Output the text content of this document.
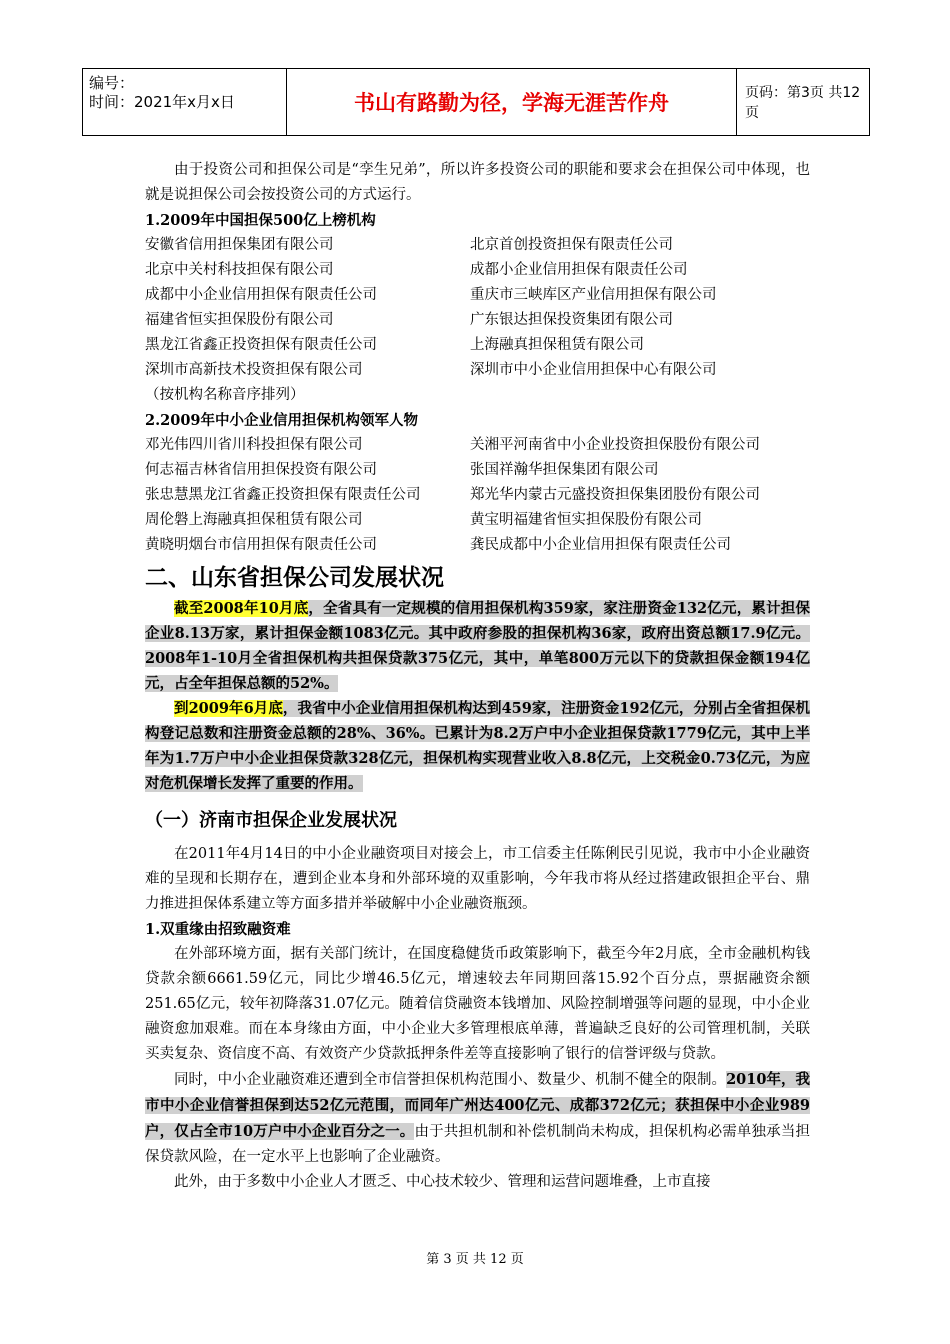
编号：
时间：2021年x月x日	书山有路勤为径，学海无涯苦作舟	页码：第3页 共12页

由于投资公司和担保公司是“孪生兄弟”，所以许多投资公司的职能和要求会在担保公司中体现，也就是说担保公司会按投资公司的方式运行。

1.2009年中国担保500亿上榜机构

安徽省信用担保集团有限公司	北京首创投资担保有限责任公司
北京中关村科技担保有限公司	成都小企业信用担保有限责任公司
成都中小企业信用担保有限责任公司	重庆市三峡库区产业信用担保有限公司
福建省恒实担保股份有限公司	广东银达担保投资集团有限公司
黑龙江省鑫正投资担保有限责任公司	上海融真担保租赁有限公司
深圳市高新技术投资担保有限公司	深圳市中小企业信用担保中心有限公司

（按机构名称音序排列）

2.2009年中小企业信用担保机构领军人物

邓光伟四川省川科投担保有限公司	关湘平河南省中小企业投资担保股份有限公司
何志福吉林省信用担保投资有限公司	张国祥瀚华担保集团有限公司
张忠慧黑龙江省鑫正投资担保有限责任公司	郑光华内蒙古元盛投资担保集团股份有限公司
周伦磐上海融真担保租赁有限公司	黄宝明福建省恒实担保股份有限公司
黄晓明烟台市信用担保有限责任公司	龚民成都中小企业信用担保有限责任公司
二、山东省担保公司发展状况

截至2008年10月底，全省具有一定规模的信用担保机构359家，家注册资金132亿元，累计担保企业8.13万家，累计担保金额1083亿元。其中政府参股的担保机构36家，政府出资总额17.9亿元。2008年1-10月全省担保机构共担保贷款375亿元，其中，单笔800万元以下的贷款担保金额194亿元，占全年担保总额的52%。

到2009年6月底，我省中小企业信用担保机构达到459家，注册资金192亿元，分别占全省担保机构登记总数和注册资金总额的28%、36%。已累计为8.2万户中小企业担保贷款1779亿元，其中上半年为1.7万户中小企业担保贷款328亿元，担保机构实现营业收入8.8亿元，上交税金0.73亿元，为应对危机保增长发挥了重要的作用。

（一）济南市担保企业发展状况

在2011年4月14日的中小企业融资项目对接会上，市工信委主任陈俐民引见说，我市中小企业融资难的呈现和长期存在，遭到企业本身和外部环境的双重影响，今年我市将从经过搭建政银担企平台、鼎力推进担保体系建立等方面多措并举破解中小企业融资瓶颈。

1.双重缘由招致融资难

在外部环境方面，据有关部门统计，在国度稳健货币政策影响下，截至今年2月底，全市金融机构钱贷款余额6661.59亿元，同比少增46.5亿元，增速较去年同期回落15.92个百分点，票据融资余额251.65亿元，较年初降落31.07亿元。随着信贷融资本钱增加、风险控制增强等问题的显现，中小企业融资愈加艰难。而在本身缘由方面，中小企业大多管理根底单薄，普遍缺乏良好的公司管理机制，关联买卖复杂、资信度不高、有效资产少贷款抵押条件差等直接影响了银行的信誉评级与贷款。

同时，中小企业融资难还遭到全市信誉担保机构范围小、数量少、机制不健全的限制。2010年，我市中小企业信誉担保到达52亿元范围，而同年广州达400亿元、成都372亿元；获担保中小企业989户，仅占全市10万户中小企业百分之一。由于共担机制和补偿机制尚未构成，担保机构必需单独承当担保贷款风险，在一定水平上也影响了企业融资。

此外，由于多数中小企业人才匮乏、中心技术较少、管理和运营问题堆叠，上市直接

第 3 页 共 12 页
